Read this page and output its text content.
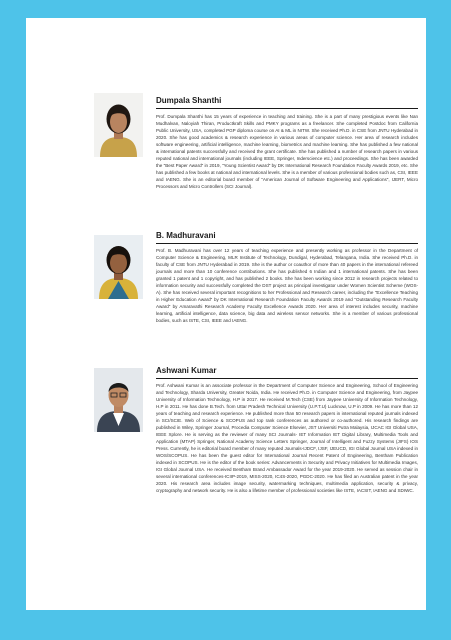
Dumpala Shanthi

Prof. Dumpala Shanthi has 15 years of experience in teaching and training. She is a part of many prestigious events like Nan Mudhalvan, Naloyiah Thiran, Productkraft Skills and PMKY programs as a freelancer. She completed Postdoc from California Public University, USA, completed PGP diploma course on AI & ML in NITW. She received Ph.D. in CSE from JNTU Hyderabad in 2020. She has good academics & research experience in various areas of computer science. Her area of research includes software engineering, artificial intelligence, machine learning, biometrics and machine learning. She has published a few national & international patents successfully and received the grant certificate. She has published a number of research papers in various reputed national and international journals (including IEEE, Springer, Inderscience etc.) and proceedings. She has been awarded the "Best Paper Award" in 2019, "Young Scientist Award" by DK International Research Foundation Faculty Awards 2019, etc. She has published a few books at national and international levels. She is a member of various professional bodies such as, CSI, IEEE and IAENG. She is an editorial board member of "American Journal of Software Engineering and Applications", IJERT, Micro Processors and Micro Controllers (SCI Journal).

B. Madhuravani

Prof. B. Madhuravani has over 12 years of teaching experience and presently working as professor in the Department of Computer Science & Engineering, MLR Institute of Technology, Dundigal, Hyderabad, Telangana, India. She received Ph.D. in faculty of CSE from JNTU Hyderabad in 2019. She is the author or coauthor of more than 40 papers in the international refereed journals and more than 10 conference contributions. She has published 6 Indian and 1 international patents. She has been granted 1 patent and 1 copyright, and has published 2 books. She has been working since 2012 in research projects related to information security and successfully completed the DST project as principal investigator under Women Scientist Scheme (WOS-A). She has received several important recognitions to her Professional and Research career, including the "Excellence Teaching in Higher Education Award" by DK International Research Foundation Faculty Awards 2019 and "Outstanding Research Faculty Award" by Amaravathi Research Academy Faculty Excellence Awards 2020. Her area of interest includes security, machine learning, artificial intelligence, data science, big data and wireless sensor networks. She is a member of various professional bodies, such as ISTE, CSI, IEEE and IAENG.

Ashwani Kumar

Prof. Ashwani Kumar is an associate professor in the Department of Computer Science and Engineering, School of Engineering and Technology, Sharda University, Greater Noida, India. He received Ph.D. in Computer Science and Engineering, from Jaypee University of Information Technology, H.P in 2017. He received M.Tech (CSE) from Jaypee University of Information Technology, H.P in 2011. He has done B.Tech. from Uttar Pradesh Technical University (U.P.T.U) Lucknow, U.P in 2009. He has more than 12 years of teaching and research experience. He published more than 50 research papers in international reputed journals indexed in SCI/SCIE. Web of Science & SCOPUS and top rank conferences as authored or co-authored. His research findings are published in Wiley, Springer Journal, Procedia Computer Science Elsevier, JST Universiti Putra Malaysia, IJCAC IGI Global USA, IEEE Xplore. He is serving as the reviewer of many SCI Journals- IET Information IET Digital Library, Multimedia Tools and Application (MTAP) Springer, National Academy Science Letters Springer, Journal of Intelligent and Fuzzy Systems (JIFS) IOS Press. Currently, he is editorial board member of many reputed Journals-IJDCF, IJSF, IJEUCD, IGI Global Journal USA indexed in WOS/SCOPUS. He has been the guest editor for International Journal Recent Patent of Engineering, Bentham Publication indexed in SCOPUS. He is the editor of the book series: Advancements in Security and Privacy Initiatives for Multimedia Images, IGI Global Journal USA. He received Bentham Brand Ambassador Award for the year 2019-2020. He served as session chair in several international conferences-ICIIP-2019, MISS-2020, IC4S-2020, PGDC-2020. He has filed an Australian patent in the year 2020. His research area includes image security, watermarking techniques, multimedia application, security & privacy, cryptography and network security. He is also a lifetime member of professional societies like ISTE, IACSIT, IAENG and SDIWC.
